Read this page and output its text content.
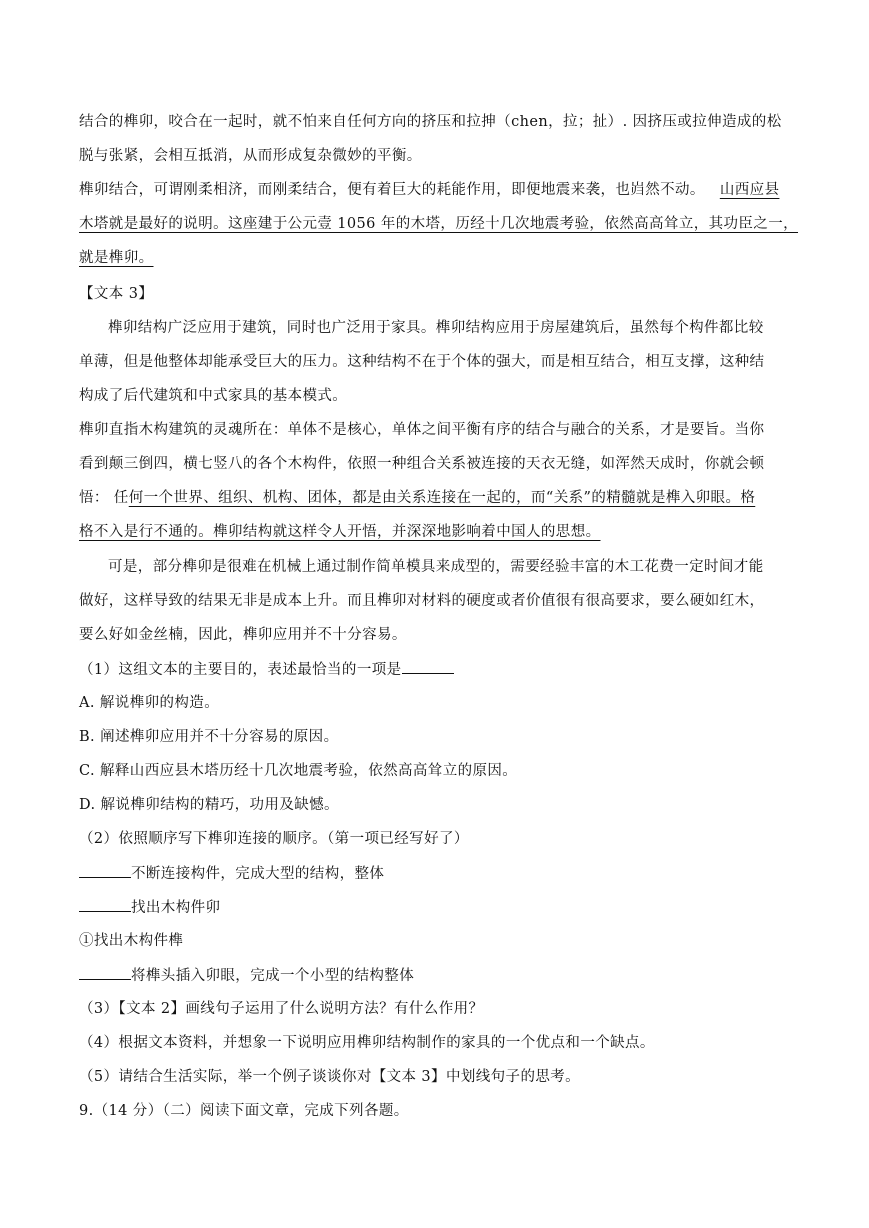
结合的榫卯，咬合在一起时，就不怕来自任何方向的挤压和拉抻（chen，拉；扯）. 因挤压或拉伸造成的松
脱与张紧，会相互抵消，从而形成复杂微妙的平衡。
榫卯结合，可谓刚柔相济，而刚柔结合，便有着巨大的耗能作用，即便地震来袭，也岿然不动。 山西应县
木塔就是最好的说明。这座建于公元壹 1056 年的木塔，历经十几次地震考验，依然高高耸立，其功臣之一，
就是榫卯。
【文本 3】
榫卯结构广泛应用于建筑，同时也广泛用于家具。榫卯结构应用于房屋建筑后，虽然每个构件都比较
单薄，但是他整体却能承受巨大的压力。这种结构不在于个体的强大，而是相互结合，相互支撑，这种结
构成了后代建筑和中式家具的基本模式。
榫卯直指木构建筑的灵魂所在：单体不是核心，单体之间平衡有序的结合与融合的关系，才是要旨。当你
看到颠三倒四，横七竖八的各个木构件，依照一种组合关系被连接的天衣无缝，如浑然天成时，你就会顿
悟： 任何一个世界、组织、机构、团体，都是由关系连接在一起的，而“关系”的精髓就是榫入卯眼。格
格不入是行不通的。榫卯结构就这样令人开悟，并深深地影响着中国人的思想。
可是，部分榫卯是很难在机械上通过制作简单模具来成型的，需要经验丰富的木工花费一定时间才能
做好，这样导致的结果无非是成本上升。而且榫卯对材料的硬度或者价值很有很高要求，要么硬如红木，
要么好如金丝楠，因此，榫卯应用并不十分容易。
（1）这组文本的主要目的，表述最恰当的一项是
A. 解说榫卯的构造。
B. 阐述榫卯应用并不十分容易的原因。
C. 解释山西应县木塔历经十几次地震考验，依然高高耸立的原因。
D. 解说榫卯结构的精巧，功用及缺憾。
（2）依照顺序写下榫卯连接的顺序。（第一项已经写好了）
不断连接构件，完成大型的结构，整体
找出木构件卯
①找出木构件榫
将榫头插入卯眼，完成一个小型的结构整体
（3）【文本 2】画线句子运用了什么说明方法？有什么作用？
（4）根据文本资料，并想象一下说明应用榫卯结构制作的家具的一个优点和一个缺点。
（5）请结合生活实际，举一个例子谈谈你对【文本 3】中划线句子的思考。
9.（14 分）（二）阅读下面文章，完成下列各题。
